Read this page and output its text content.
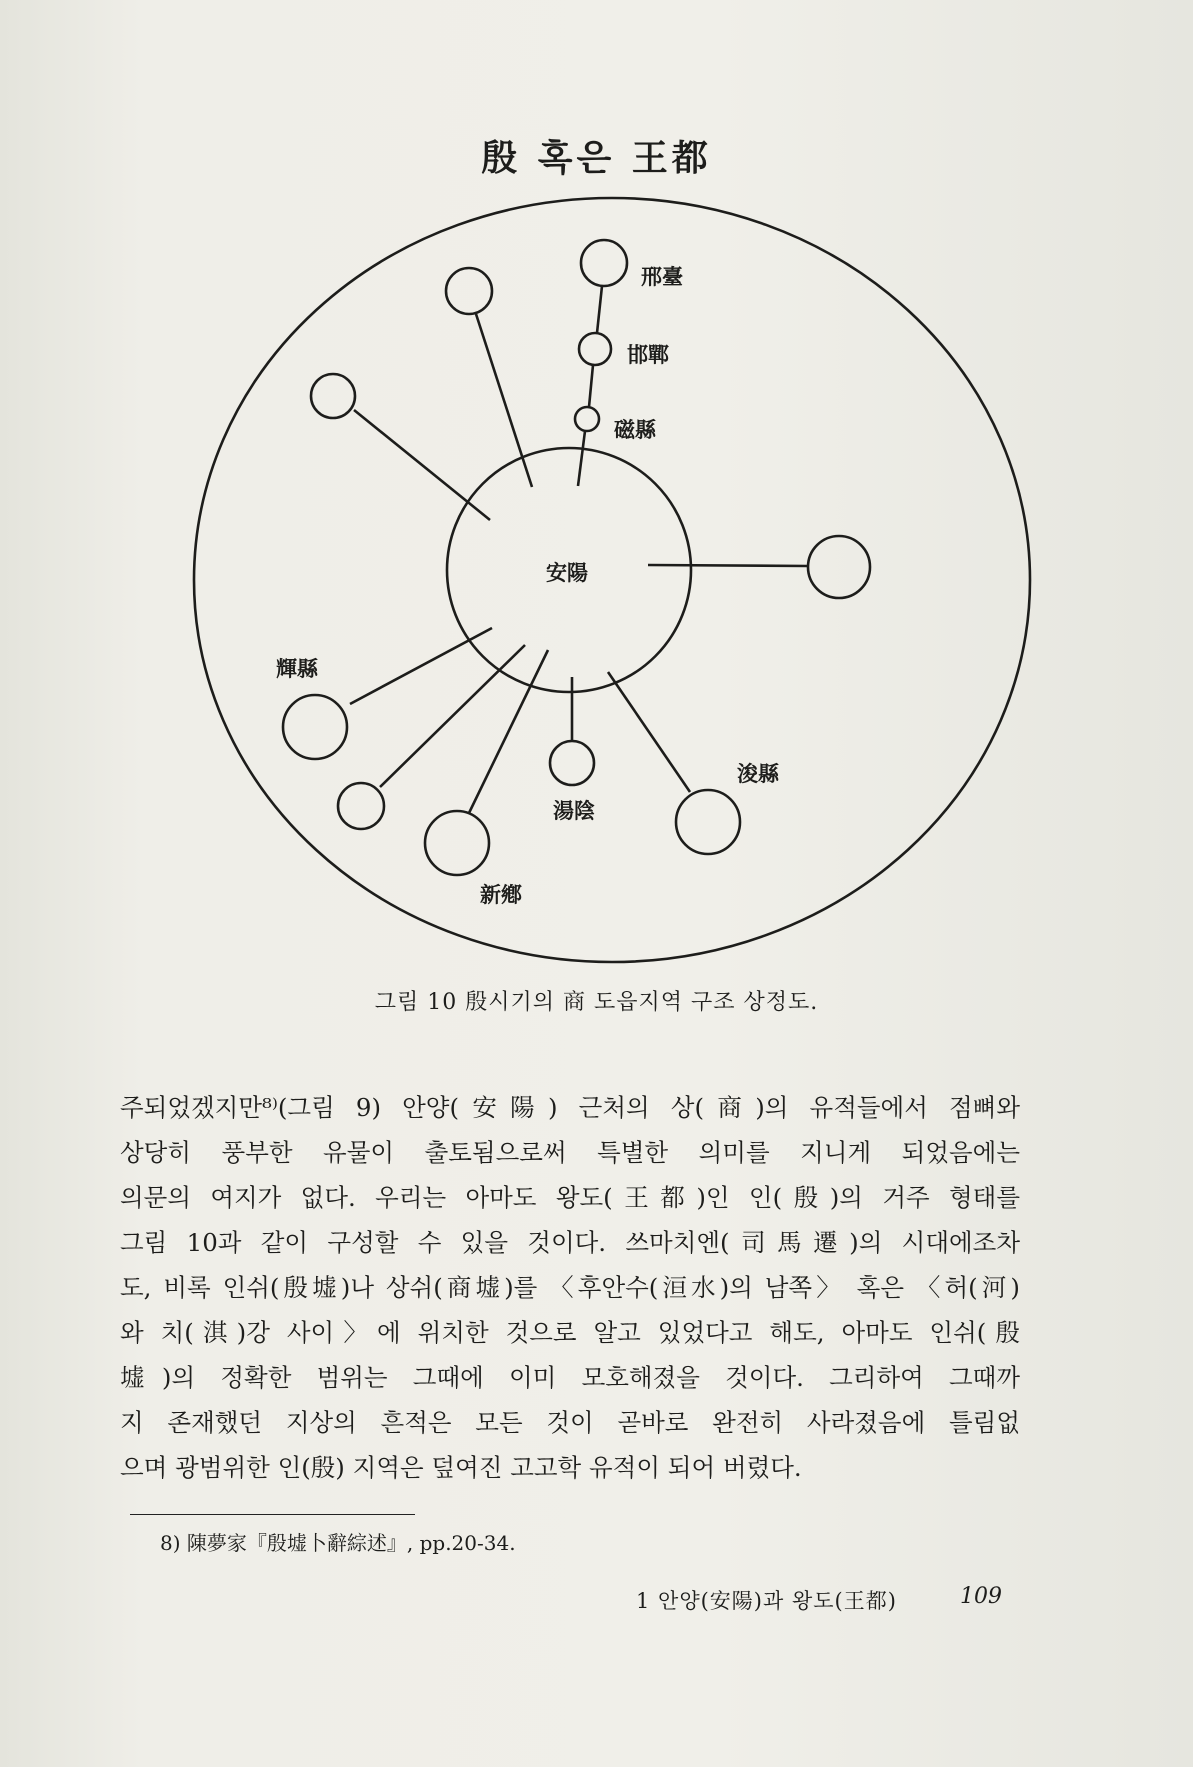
殷 혹은 王都
安陽
邢臺
邯鄲
磁縣
輝縣
湯陰
浚縣
新鄕
그림 10 殷시기의 商 도읍지역 구조 상정도.
주되었겠지만⁸⁾(그림 9) 안양(安陽) 근처의 상(商)의 유적들에서 점뼈와
상당히 풍부한 유물이 출토됨으로써 특별한 의미를 지니게 되었음에는
의문의 여지가 없다. 우리는 아마도 왕도(王都)인 인(殷)의 거주 형태를
그림 10과 같이 구성할 수 있을 것이다. 쓰마치엔(司馬遷)의 시대에조차
도, 비록 인쉬(殷墟)나 상쉬(商墟)를 〈후안수(洹水)의 남쪽〉 혹은 〈허(河)
와 치(淇)강 사이〉에 위치한 것으로 알고 있었다고 해도, 아마도 인쉬(殷
墟)의 정확한 범위는 그때에 이미 모호해졌을 것이다. 그리하여 그때까
지 존재했던 지상의 흔적은 모든 것이 곧바로 완전히 사라졌음에 틀림없
으며 광범위한 인(殷) 지역은 덮여진 고고학 유적이 되어 버렸다.
8) 陳夢家『殷墟卜辭綜述』, pp.20-34.
1 안양(安陽)과 왕도(王都)	109
